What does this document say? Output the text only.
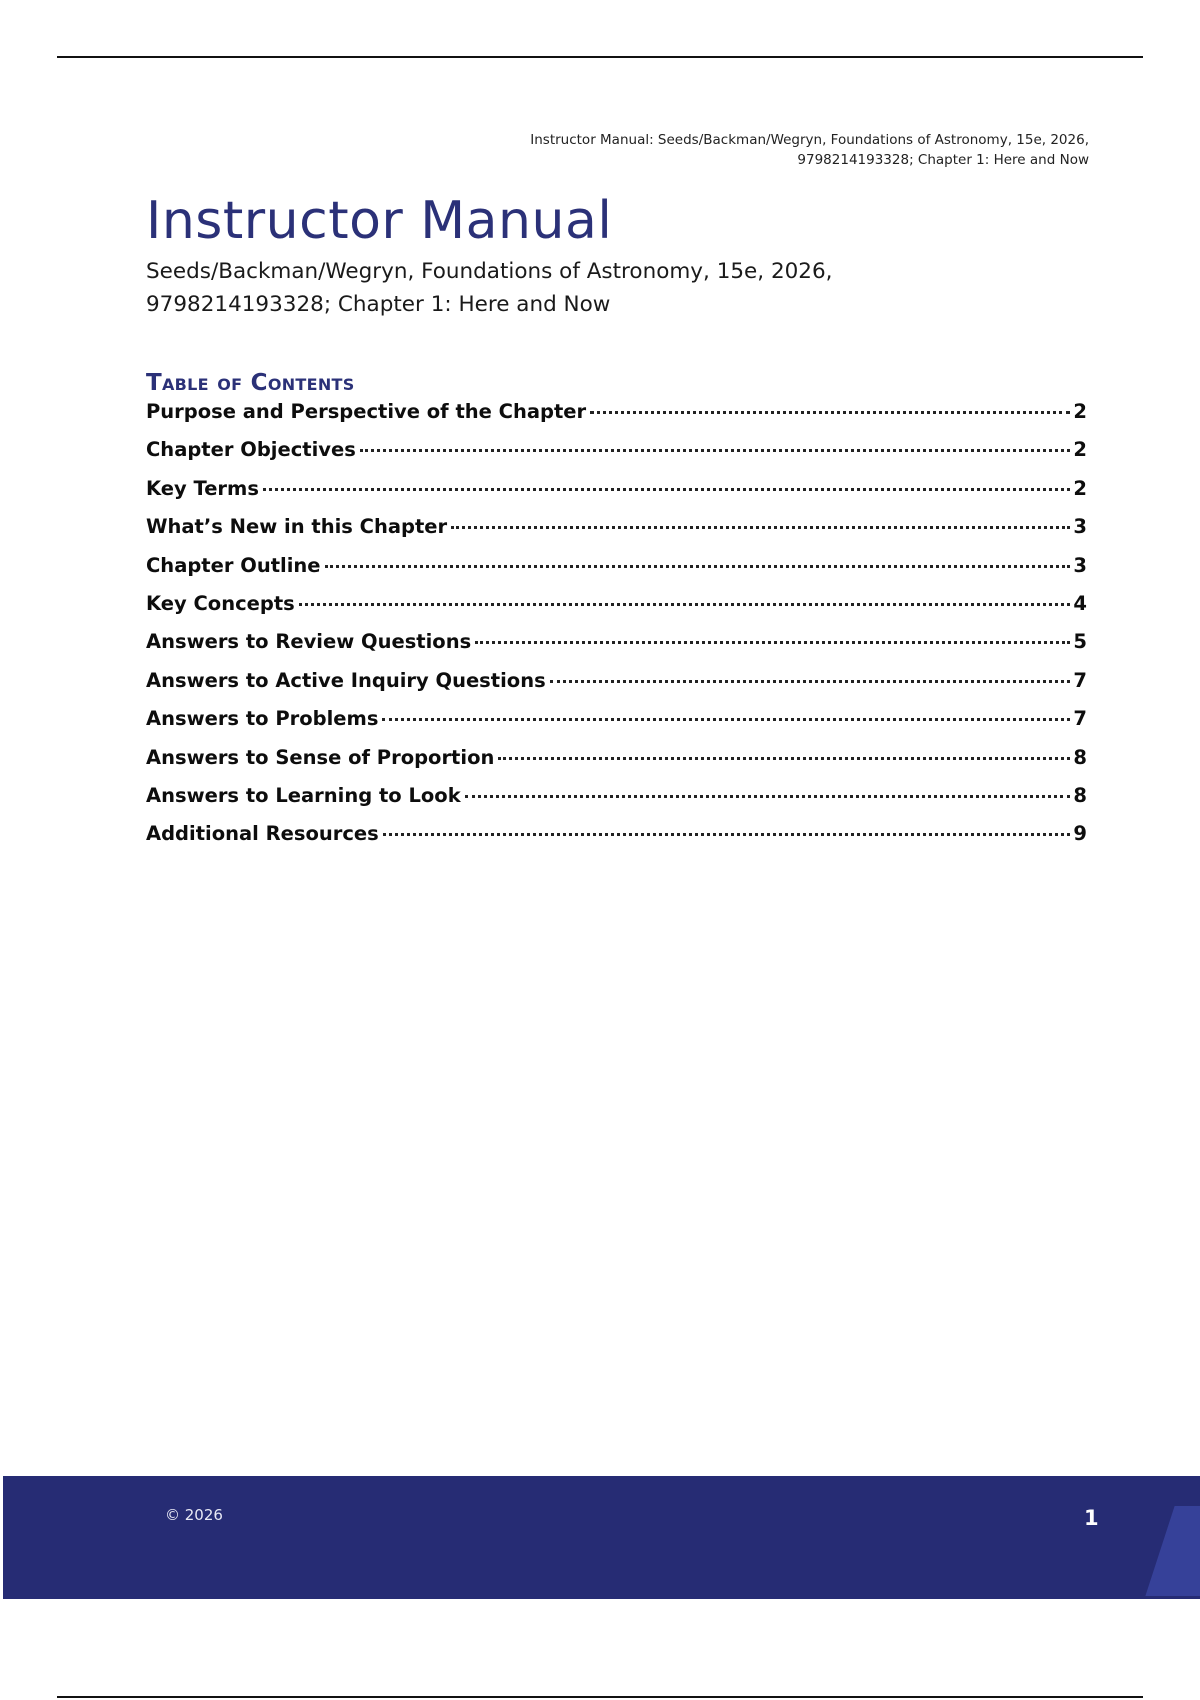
Instructor Manual: Seeds/Backman/Wegryn, Foundations of Astronomy, 15e, 2026,
9798214193328; Chapter 1: Here and Now
Instructor Manual
Seeds/Backman/Wegryn, Foundations of Astronomy, 15e, 2026,
9798214193328; Chapter 1: Here and Now
Table of Contents
Purpose and Perspective of the Chapter	2
Chapter Objectives	2
Key Terms	2
What’s New in this Chapter	3
Chapter Outline	3
Key Concepts	4
Answers to Review Questions	5
Answers to Active Inquiry Questions	7
Answers to Problems	7
Answers to Sense of Proportion	8
Answers to Learning to Look	8
Additional Resources	9
© 2026	1
